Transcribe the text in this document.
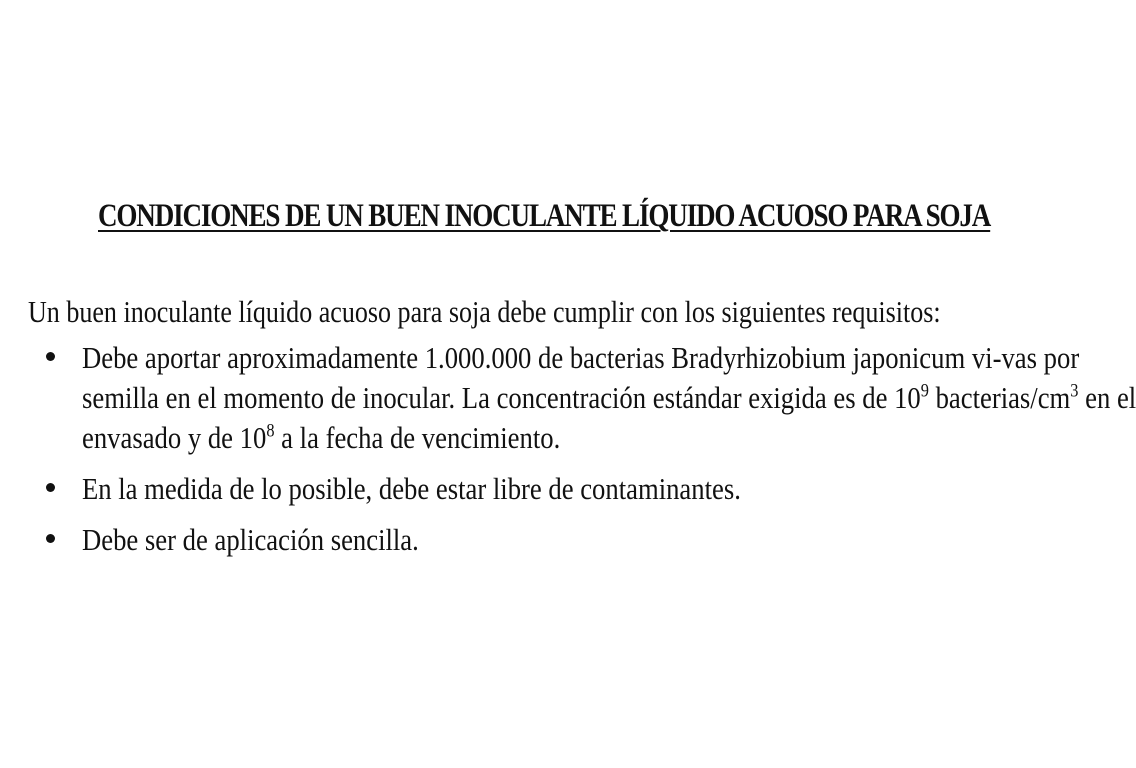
CONDICIONES DE UN BUEN INOCULANTE LÍQUIDO ACUOSO PARA SOJA

Un buen inoculante líquido acuoso para soja debe cumplir con los siguientes requisitos:

Debe aportar aproximadamente 1.000.000 de bacterias Bradyrhizobium japonicum vi-vas por
semilla en el momento de inocular. La concentración estándar exigida es de $10^9$ bacterias/$cm^3$ en el
envasado y de $10^8$ a la fecha de vencimiento.
En la medida de lo posible, debe estar libre de contaminantes.
Debe ser de aplicación sencilla.
